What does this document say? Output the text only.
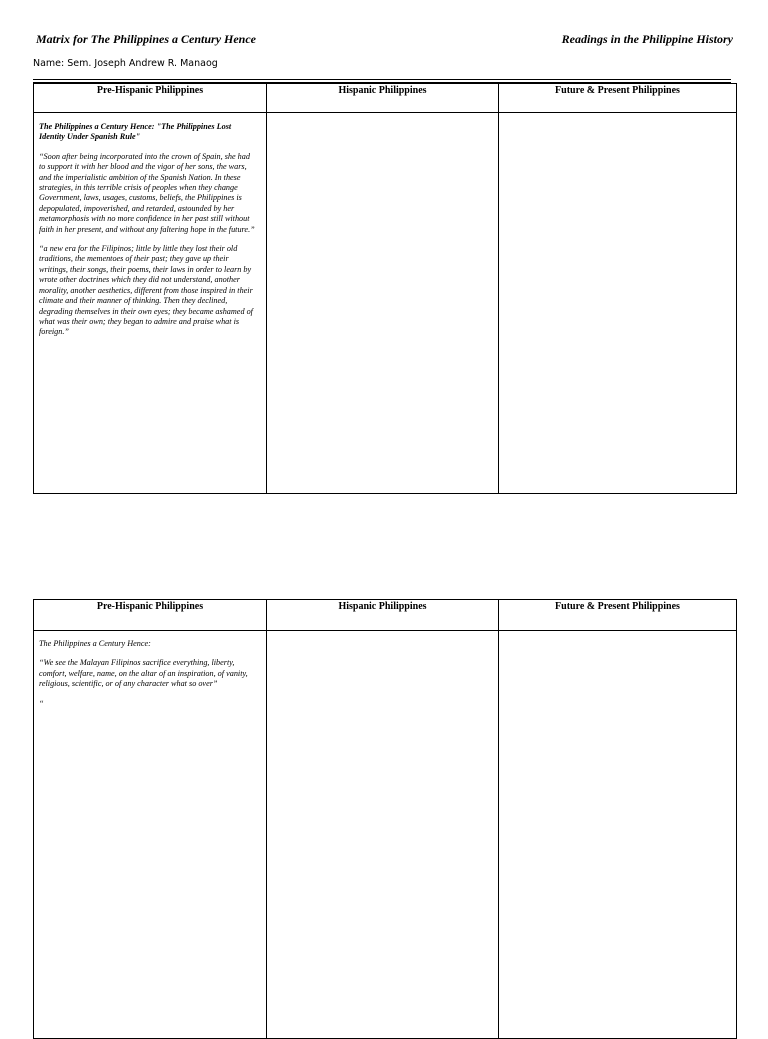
Matrix for The Philippines a Century Hence	Readings in the Philippine History
Name: Sem. Joseph Andrew R. Manaog
Pre-Hispanic Philippines	Hispanic Philippines	Future & Present Philippines

The Philippines a Century Hence: "The Philippines Lost Identity Under Spanish Rule"

“Soon after being incorporated into the crown of Spain, she had to support it with her blood and the vigor of her sons, the wars, and the imperialistic ambition of the Spanish Nation. In these strategies, in this terrible crisis of peoples when they change Government, laws, usages, customs, beliefs, the Philippines is depopulated, impoverished, and retarded, astounded by her metamorphosis with no more confidence in her past still without faith in her present, and without any faltering hope in the future.”

“a new era for the Filipinos; little by little they lost their old traditions, the mementoes of their past; they gave up their writings, their songs, their poems, their laws in order to learn by wrote other doctrines which they did not understand, another morality, another aesthetics, different from those inspired in their climate and their manner of thinking. Then they declined, degrading themselves in their own eyes; they became ashamed of what was their own; they began to admire and praise what is foreign.”

Pre-Hispanic Philippines	Hispanic Philippines	Future & Present Philippines

The Philippines a Century Hence:

“We see the Malayan Filipinos sacrifice everything, liberty, comfort, welfare, name, on the altar of an inspiration, of vanity, religious, scientific, or of any character what so over”

“
